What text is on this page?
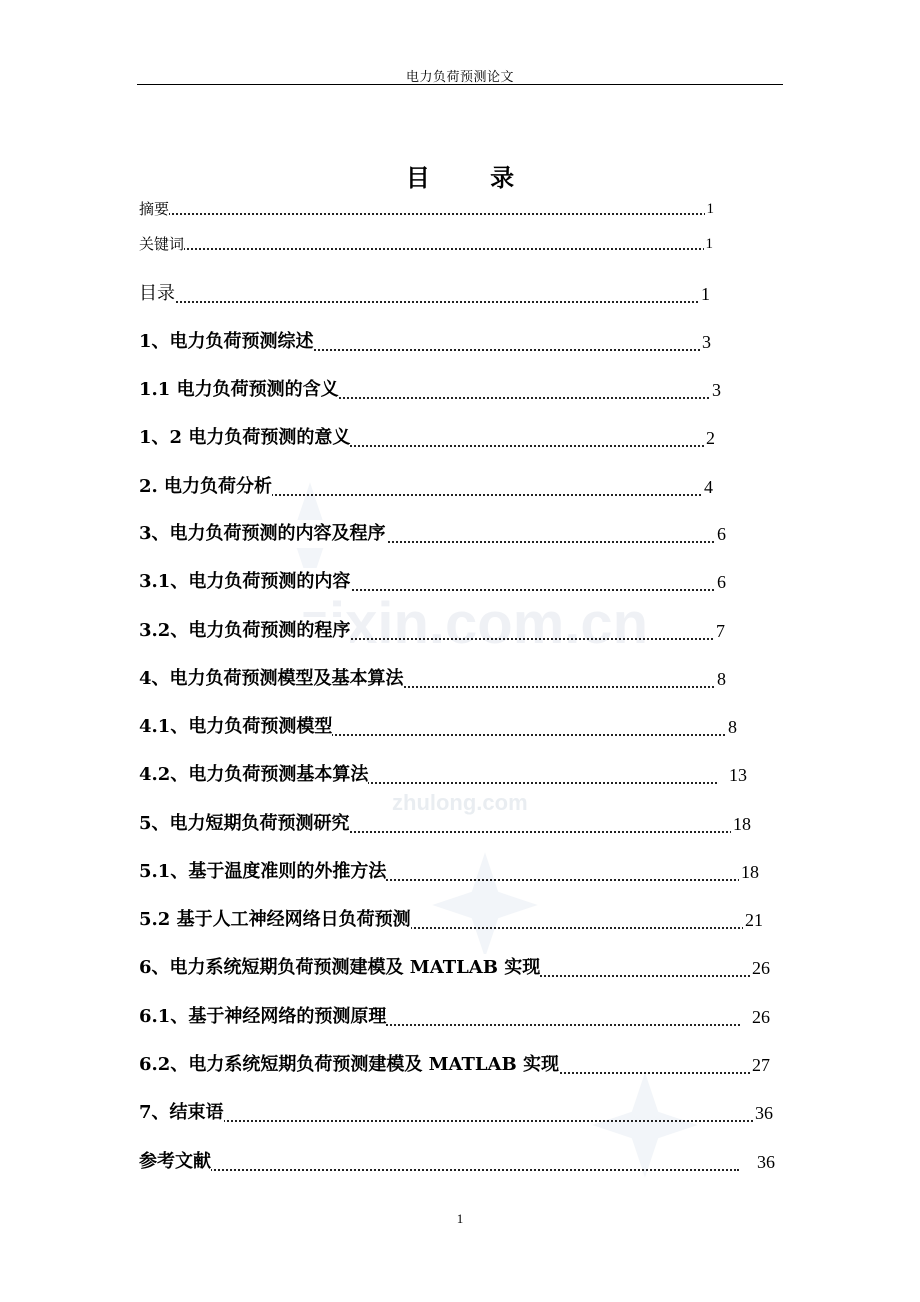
电力负荷预测论文
zixin.com.cn
zhulong.com
目 录
摘要	1
关键词	1
目录	1
1、电力负荷预测综述	3
1.1 电力负荷预测的含义	3
1、2 电力负荷预测的意义	2
2. 电力负荷分析	4
3、电力负荷预测的内容及程序	6
3.1、电力负荷预测的内容	6
3.2、电力负荷预测的程序	7
4、电力负荷预测模型及基本算法	8
4.1、电力负荷预测模型	8
4.2、电力负荷预测基本算法	13
5、电力短期负荷预测研究	18
5.1、基于温度准则的外推方法	18
5.2 基于人工神经网络日负荷预测	21
6、电力系统短期负荷预测建模及 MATLAB 实现	26
6.1、基于神经网络的预测原理	26
6.2、电力系统短期负荷预测建模及 MATLAB 实现	27
7、结束语	36
参考文献	36
1
